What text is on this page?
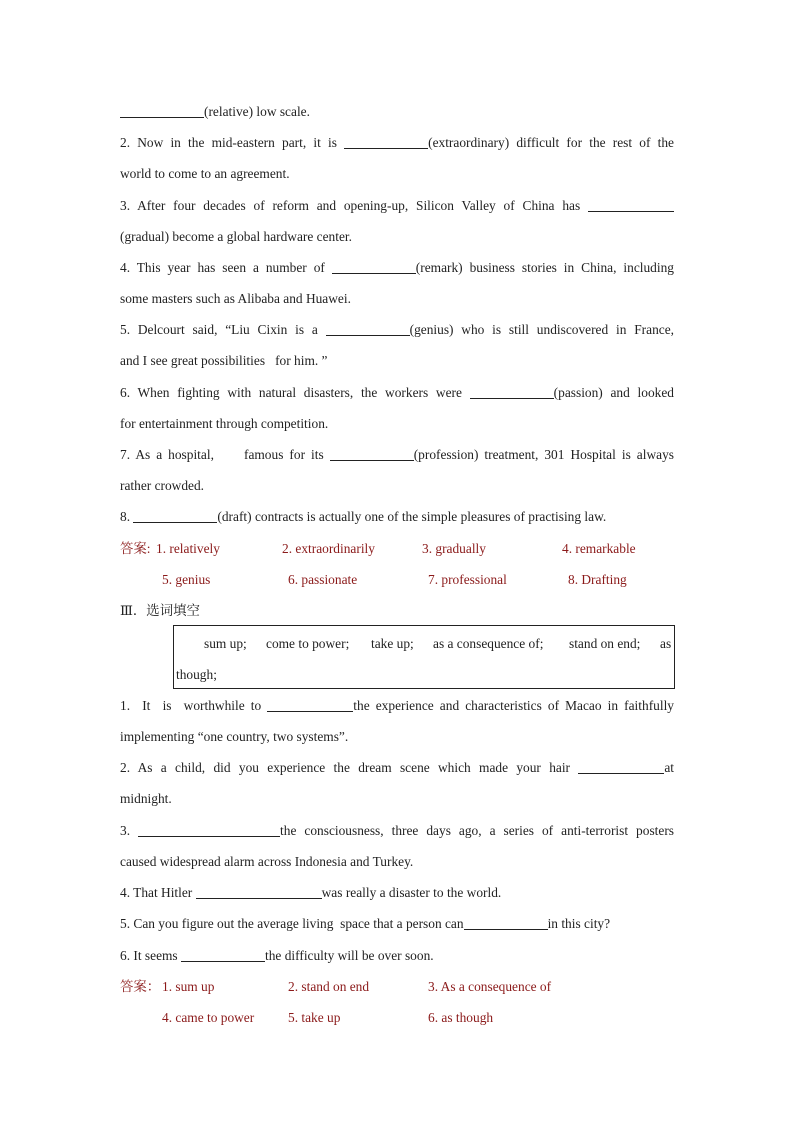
(relative) low scale.
2. Now in the mid-eastern part, it is	(extraordinary) difficult for the rest of the
world to come to an agreement.
3. After four decades of reform and opening-up, Silicon Valley of China has
(gradual) become a global hardware center.
4. This year has seen a number of	(remark) business stories in China, including
some masters such as Alibaba and Huawei.
5. Delcourt said, “Liu Cixin is a	(genius) who is still undiscovered in France,
and I see great possibilities   for him. ”
6. When fighting with natural disasters, the workers were	(passion) and looked
for entertainment through competition.
7. As a hospital,     famous for its	(profession) treatment, 301 Hospital is always
rather crowded.
8.	(draft) contracts is actually one of the simple pleasures of practising law.
答案: 1. relatively	2. extraordinarily	3. gradually	4. remarkable
5. genius	6. passionate	7. professional	8. Drafting
Ⅲ．选词填空
sum up; come to power; take up; as a consequence of; stand on end; as
though;
1.  It  is  worthwhile to	the experience and characteristics of Macao in faithfully
implementing “one country, two systems”.
2. As a child, did you experience the dream scene which made your hair	at
midnight.
3.	the consciousness, three days ago, a series of anti-terrorist posters
caused widespread alarm across Indonesia and Turkey.
4. That Hitler	was really a disaster to the world.
5. Can you figure out the average living  space that a person can	in this city?
6. It seems	the difficulty will be over soon.
答案： 1. sum up	2. stand on end	3. As a consequence of
4. came to power	5. take up	6. as though
